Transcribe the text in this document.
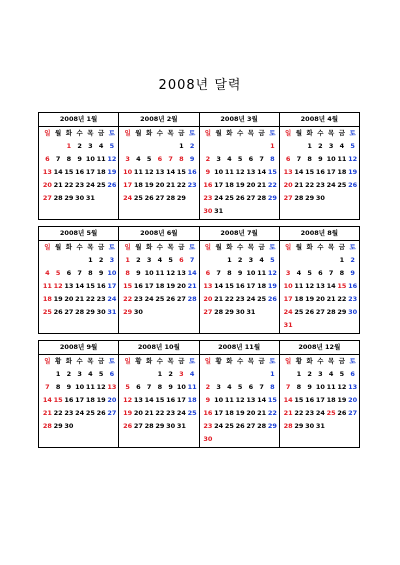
2008년 달력
2008년 1월
일 월 화 수 목 금 토
1 2 3 4 5
6 7 8 9 10 11 12
13 14 15 16 17 18 19
20 21 22 23 24 25 26
27 28 29 30 31
2008년 2월
일 월 화 수 목 금 토
1 2
3 4 5 6 7 8 9
10 11 12 13 14 15 16
17 18 19 20 21 22 23
24 25 26 27 28 29
2008년 3월
일 월 화 수 목 금 토
1
2 3 4 5 6 7 8
9 10 11 12 13 14 15
16 17 18 19 20 21 22
23 24 25 26 27 28 29
30 31
2008년 4월
일 월 화 수 목 금 토
1 2 3 4 5
6 7 8 9 10 11 12
13 14 15 16 17 18 19
20 21 22 23 24 25 26
27 28 29 30
2008년 5월
일 월 화 수 목 금 토
1 2 3
4 5 6 7 8 9 10
11 12 13 14 15 16 17
18 19 20 21 22 23 24
25 26 27 28 29 30 31
2008년 6월
일 월 화 수 목 금 토
1 2 3 4 5 6 7
8 9 10 11 12 13 14
15 16 17 18 19 20 21
22 23 24 25 26 27 28
29 30
2008년 7월
일 월 화 수 목 금 토
1 2 3 4 5
6 7 8 9 10 11 12
13 14 15 16 17 18 19
20 21 22 23 24 25 26
27 28 29 30 31
2008년 8월
일 월 화 수 목 금 토
1 2
3 4 5 6 7 8 9
10 11 12 13 14 15 16
17 18 19 20 21 22 23
24 25 26 27 28 29 30
31
2008년 9월
일 황 화 수 목 금 토
1 2 3 4 5 6
7 8 9 10 11 12 13
14 15 16 17 18 19 20
21 22 23 24 25 26 27
28 29 30
2008년 10월
일 황 화 수 목 금 토
1 2 3 4
5 6 7 8 9 10 11
12 13 14 15 16 17 18
19 20 21 22 23 24 25
26 27 28 29 30 31
2008년 11월
일 황 화 수 목 금 토
1
2 3 4 5 6 7 8
9 10 11 12 13 14 15
16 17 18 19 20 21 22
23 24 25 26 27 28 29
30
2008년 12월
일 황 화 수 목 금 토
1 2 3 4 5 6
7 8 9 10 11 12 13
14 15 16 17 18 19 20
21 22 23 24 25 26 27
28 29 30 31
